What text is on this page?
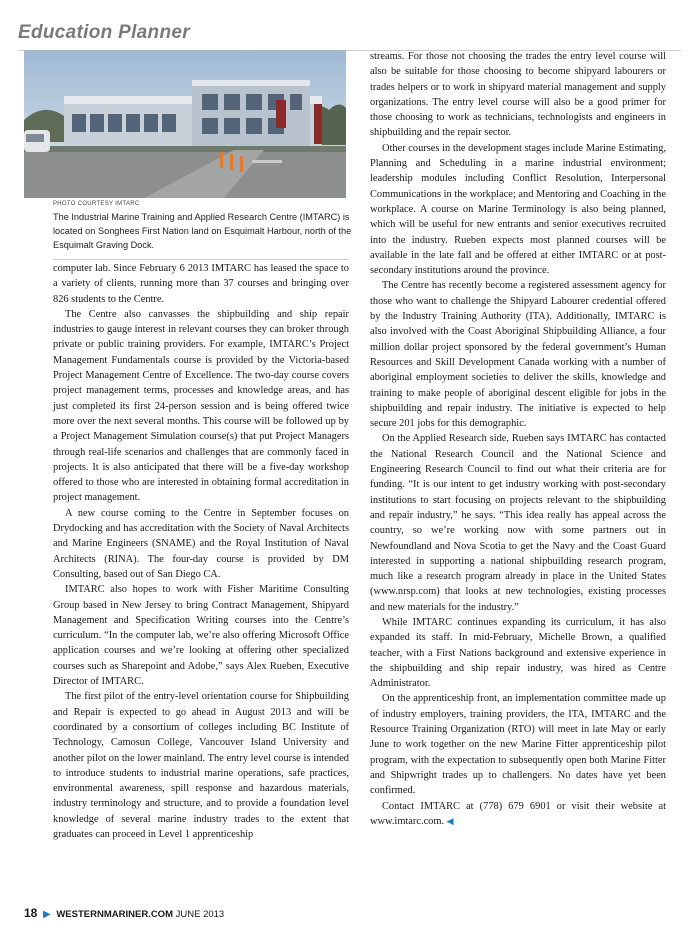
Education Planner
PHOTO COURTESY IMTARC
The Industrial Marine Training and Applied Research Centre (IMTARC) is located on Songhees First Nation land on Esquimalt Harbour, north of the Esquimalt Graving Dock.

computer lab. Since February 6 2013 IMTARC has leased the space to a variety of clients, running more than 37 courses and bringing over 826 students to the Centre.

The Centre also canvasses the shipbuilding and ship repair industries to gauge interest in relevant courses they can broker through private or public training providers. For example, IMTARC’s Project Management Fundamentals course is provided by the Victoria-based Project Management Centre of Excellence. The two-day course covers project management terms, processes and knowledge areas, and has just completed its first 24-person session and is being offered twice more over the next several months. This course will be followed up by a Project Management Simulation course(s) that put Project Managers through real-life scenarios and challenges that are commonly faced in projects. It is also anticipated that there will be a five-day workshop offered to those who are interested in obtaining formal accreditation in project management.

A new course coming to the Centre in September focuses on Drydocking and has accreditation with the Society of Naval Architects and Marine Engineers (SNAME) and the Royal Institution of Naval Architects (RINA). The four-day course is provided by DM Consulting, based out of San Diego CA.

IMTARC also hopes to work with Fisher Maritime Consulting Group based in New Jersey to bring Contract Management, Shipyard Management and Specification Writing courses into the Centre’s curriculum. “In the computer lab, we’re also offering Microsoft Office application courses and we’re looking at offering other specialized courses such as Sharepoint and Adobe,” says Alex Rueben, Executive Director of IMTARC.

The first pilot of the entry-level orientation course for Shipbuilding and Repair is expected to go ahead in August 2013 and will be coordinated by a consortium of colleges including BC Institute of Technology, Camosun College, Vancouver Island University and another pilot on the lower mainland. The entry level course is intended to introduce students to industrial marine operations, safe practices, environmental awareness, spill response and hazardous materials, industry terminology and structure, and to provide a foundation level knowledge of several marine industry trades to the extent that graduates can proceed in Level 1 apprenticeship

streams. For those not choosing the trades the entry level course will also be suitable for those choosing to become shipyard labourers or trades helpers or to work in shipyard material management and supply organizations. The entry level course will also be a good primer for those choosing to work as technicians, technologists and engineers in shipbuilding and the repair sector.

Other courses in the development stages include Marine Estimating, Planning and Scheduling in a marine industrial environment; leadership modules including Conflict Resolution, Interpersonal Communications in the workplace; and Mentoring and Coaching in the workplace. A course on Marine Terminology is also being planned, which will be useful for new entrants and senior executives recruited into the industry. Rueben expects most planned courses will be available in the late fall and be offered at either IMTARC or at post-secondary institutions around the province.

The Centre has recently become a registered assessment agency for those who want to challenge the Shipyard Labourer credential offered by the Industry Training Authority (ITA). Additionally, IMTARC is also involved with the Coast Aboriginal Shipbuilding Alliance, a four million dollar project sponsored by the federal government’s Human Resources and Skill Development Canada working with a number of aboriginal employment societies to deliver the skills, knowledge and training to make people of aboriginal descent eligible for jobs in the shipbuilding and repair industry. The initiative is expected to help secure 201 jobs for this demographic.

On the Applied Research side, Rueben says IMTARC has contacted the National Research Council and the National Science and Engineering Research Council to find out what their criteria are for funding. “It is our intent to get industry working with post-secondary institutions to start focusing on projects relevant to the shipbuilding and repair industry,” he says. “This idea really has appeal across the country, so we’re working now with some partners out in Newfoundland and Nova Scotia to get the Navy and the Coast Guard interested in supporting a national shipbuilding research program, much like a research program already in place in the United States (www.nrsp.com) that looks at new technologies, existing processes and new materials for the industry.”

While IMTARC continues expanding its curriculum, it has also expanded its staff. In mid-February, Michelle Brown, a qualified teacher, with a First Nations background and extensive experience in the shipbuilding and ship repair industry, was hired as Centre Administrator.

On the apprenticeship front, an implementation committee made up of industry employers, training providers, the ITA, IMTARC and the Resource Training Organization (RTO) will meet in late May or early June to work together on the new Marine Fitter apprenticeship pilot program, with the expectation to subsequently open both Marine Fitter and Shipwright trades up to challengers. No dates have yet been confirmed.

Contact IMTARC at (778) 679 6901 or visit their website at www.imtarc.com. ◀

18 ▶ WESTERNMARINER.COM JUNE 2013
